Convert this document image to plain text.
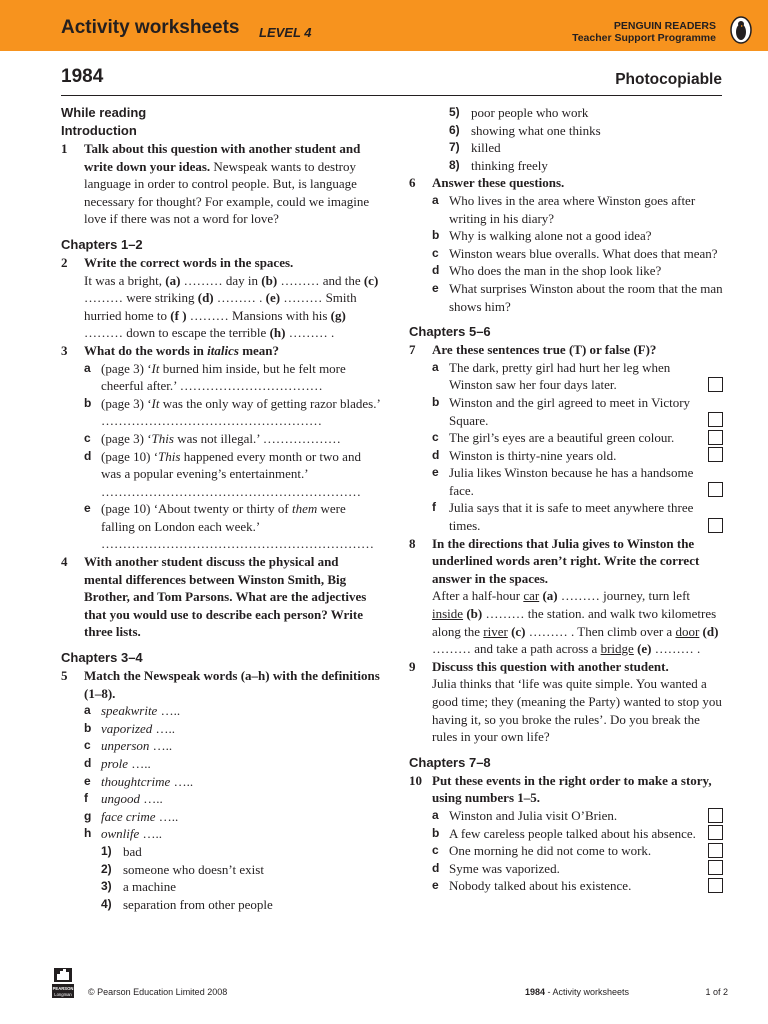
Activity worksheets LEVEL 4	PENGUIN READERS
Teacher Support Programme
1984	Photocopiable
While reading
Introduction
1 Talk about this question with another student and write down your ideas. Newspeak wants to destroy language in order to control people. But, is language necessary for thought? For example, could we imagine love if there was not a word for love?
Chapters 1–2
2 Write the correct words in the spaces.
It was a bright, (a) ……… day in (b) ……… and the (c) ……… were striking (d) ……… . (e) ……… Smith hurried home to (f ) ……… Mansions with his (g) ……… down to escape the terrible (h) ……… .
3 What do the words in italics mean?
a (page 3) ‘It burned him inside, but he felt more cheerful after.’ ……………………………
b (page 3) ‘It was the only way of getting razor blades.’ ……………………………………………
c (page 3) ‘This was not illegal.’ ………………
d (page 10) ‘This happened every month or two and was a popular evening’s entertainment.’ ……………………………………………………
e (page 10) ‘About twenty or thirty of them were falling on London each week.’ ………………………………………………………
4 With another student discuss the physical and mental differences between Winston Smith, Big Brother, and Tom Parsons. What are the adjectives that you would use to describe each person? Write three lists.
Chapters 3–4
5 Match the Newspeak words (a–h) with the definitions (1–8).
a speakwrite …..
b vaporized …..
c unperson …..
d prole …..
e thoughtcrime …..
f ungood …..
g face crime …..
h ownlife …..
1) bad
2) someone who doesn’t exist
3) a machine
4) separation from other people
5) poor people who work
6) showing what one thinks
7) killed
8) thinking freely
6 Answer these questions.
a Who lives in the area where Winston goes after writing in his diary?
b Why is walking alone not a good idea?
c Winston wears blue overalls. What does that mean?
d Who does the man in the shop look like?
e What surprises Winston about the room that the man shows him?
Chapters 5–6
7 Are these sentences true (T) or false (F)?
a The dark, pretty girl had hurt her leg when Winston saw her four days later.
b Winston and the girl agreed to meet in Victory Square.
c The girl’s eyes are a beautiful green colour.
d Winston is thirty-nine years old.
e Julia likes Winston because he has a handsome face.
f Julia says that it is safe to meet anywhere three times.
8 In the directions that Julia gives to Winston the underlined words aren’t right. Write the correct answer in the spaces.
After a half-hour car (a) ……… journey, turn left inside (b) ……… the station. and walk two kilometres along the river (c) ……… . Then climb over a door (d) ……… and take a path across a bridge (e) ……… .
9 Discuss this question with another student.
Julia thinks that ‘life was quite simple. You wanted a good time; they (meaning the Party) wanted to stop you having it, so you broke the rules’. Do you break the rules in your own life?
Chapters 7–8
10 Put these events in the right order to make a story, using numbers 1–5.
a Winston and Julia visit O’Brien.
b A few careless people talked about his absence.
c One morning he did not come to work.
d Syme was vaporized.
e Nobody talked about his existence.
PEARSON
Longman © Pearson Education Limited 2008	1984 - Activity worksheets	1 of 2
